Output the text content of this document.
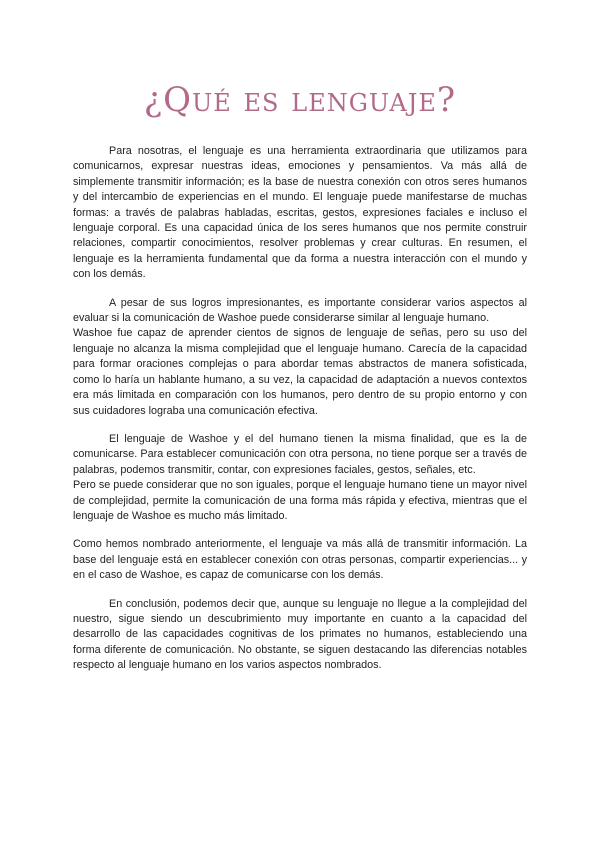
¿Qué es lenguaje?

Para nosotras, el lenguaje es una herramienta extraordinaria que utilizamos para comunicarnos, expresar nuestras ideas, emociones y pensamientos. Va más allá de simplemente transmitir información; es la base de nuestra conexión con otros seres humanos y del intercambio de experiencias en el mundo. El lenguaje puede manifestarse de muchas formas: a través de palabras habladas, escritas, gestos, expresiones faciales e incluso el lenguaje corporal. Es una capacidad única de los seres humanos que nos permite construir relaciones, compartir conocimientos, resolver problemas y crear culturas. En resumen, el lenguaje es la herramienta fundamental que da forma a nuestra interacción con el mundo y con los demás.

A pesar de sus logros impresionantes, es importante considerar varios aspectos al evaluar si la comunicación de Washoe puede considerarse similar al lenguaje humano.

Washoe fue capaz de aprender cientos de signos de lenguaje de señas, pero su uso del lenguaje no alcanza la misma complejidad que el lenguaje humano. Carecía de la capacidad para formar oraciones complejas o para abordar temas abstractos de manera sofisticada, como lo haría un hablante humano, a su vez, la capacidad de adaptación a nuevos contextos era más limitada en comparación con los humanos, pero dentro de su propio entorno y con sus cuidadores lograba una comunicación efectiva.

El lenguaje de Washoe y el del humano tienen la misma finalidad, que es la de comunicarse. Para establecer comunicación con otra persona, no tiene porque ser a través de palabras, podemos transmitir, contar, con expresiones faciales, gestos, señales, etc.

Pero se puede considerar que no son iguales, porque el lenguaje humano tiene un mayor nivel de complejidad, permite la comunicación de una forma más rápida y efectiva, mientras que el lenguaje de Washoe es mucho más limitado.

Como hemos nombrado anteriormente, el lenguaje va más allá de transmitir información. La base del lenguaje está en establecer conexión con otras personas, compartir experiencias... y en el caso de Washoe, es capaz de comunicarse con los demás.

En conclusión, podemos decir que, aunque su lenguaje no llegue a la complejidad del nuestro, sigue siendo un descubrimiento muy importante en cuanto a la capacidad del desarrollo de las capacidades cognitivas de los primates no humanos, estableciendo una forma diferente de comunicación. No obstante, se siguen destacando las diferencias notables respecto al lenguaje humano en los varios aspectos nombrados.
